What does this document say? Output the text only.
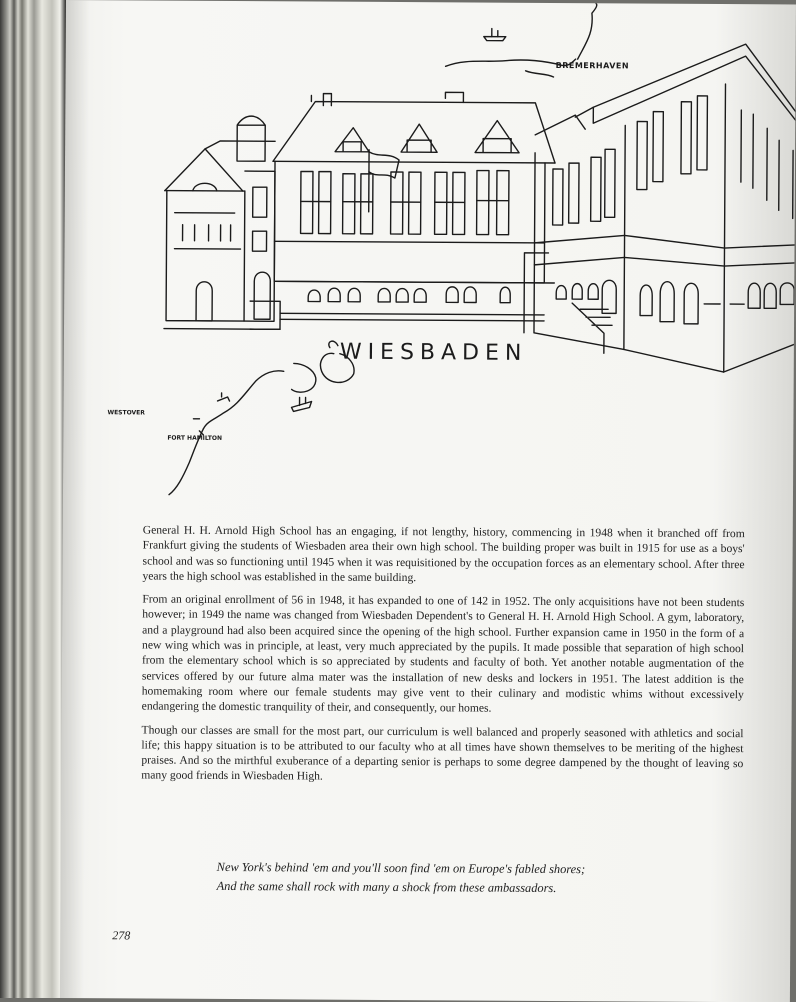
BREMERHAVEN
WIESBADEN
WESTOVER
FORT HAMILTON

General H. H. Arnold High School has an engaging, if not lengthy, history, commencing in 1948 when it branched off from Frankfurt giving the students of Wiesbaden area their own high school. The building proper was built in 1915 for use as a boys' school and was so functioning until 1945 when it was requisitioned by the occupation forces as an elementary school. After three years the high school was established in the same building.

From an original enrollment of 56 in 1948, it has expanded to one of 142 in 1952. The only acquisitions have not been students however; in 1949 the name was changed from Wiesbaden Dependent's to General H. H. Arnold High School. A gym, laboratory, and a playground had also been acquired since the opening of the high school. Further expansion came in 1950 in the form of a new wing which was in principle, at least, very much appreciated by the pupils. It made possible that separation of high school from the elementary school which is so appreciated by students and faculty of both. Yet another notable augmentation of the services offered by our future alma mater was the installation of new desks and lockers in 1951. The latest addition is the homemaking room where our female students may give vent to their culinary and modistic whims without excessively endangering the domestic tranquility of their, and consequently, our homes.

Though our classes are small for the most part, our curriculum is well balanced and properly seasoned with athletics and social life; this happy situation is to be attributed to our faculty who at all times have shown themselves to be meriting of the highest praises. And so the mirthful exuberance of a departing senior is perhaps to some degree dampened by the thought of leaving so many good friends in Wiesbaden High.

New York's behind 'em and you'll soon find 'em on Europe's fabled shores;
And the same shall rock with many a shock from these ambassadors.
278
